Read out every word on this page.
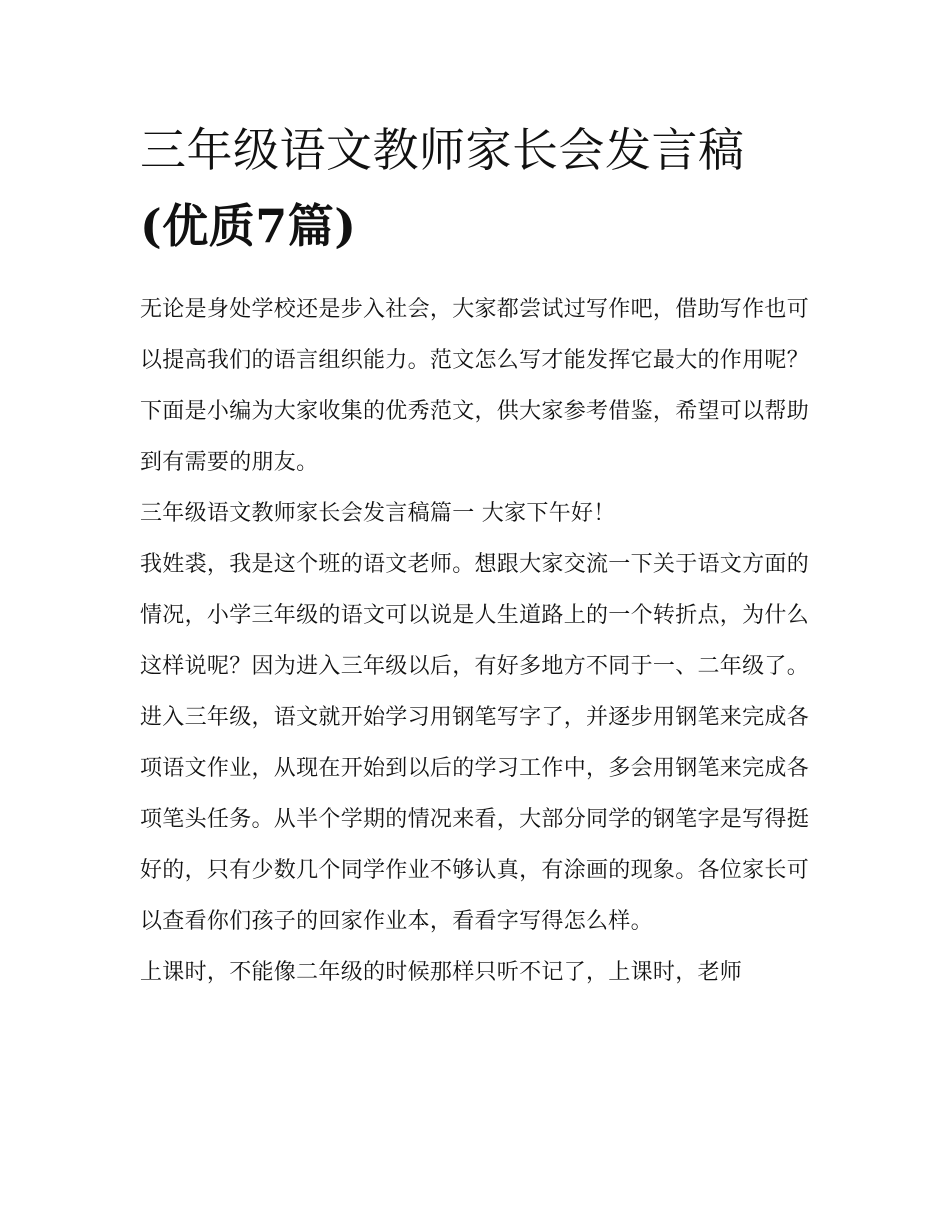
三年级语文教师家长会发言稿
(优质7篇)

无论是身处学校还是步入社会，大家都尝试过写作吧，借助写作也可以提高我们的语言组织能力。范文怎么写才能发挥它最大的作用呢？下面是小编为大家收集的优秀范文，供大家参考借鉴，希望可以帮助到有需要的朋友。

三年级语文教师家长会发言稿篇一 大家下午好！

我姓裘，我是这个班的语文老师。想跟大家交流一下关于语文方面的情况，小学三年级的语文可以说是人生道路上的一个转折点，为什么这样说呢？因为进入三年级以后，有好多地方不同于一、二年级了。

进入三年级，语文就开始学习用钢笔写字了，并逐步用钢笔来完成各项语文作业，从现在开始到以后的学习工作中，多会用钢笔来完成各项笔头任务。从半个学期的情况来看，大部分同学的钢笔字是写得挺好的，只有少数几个同学作业不够认真，有涂画的现象。各位家长可以查看你们孩子的回家作业本，看看字写得怎么样。

上课时，不能像二年级的时候那样只听不记了，上课时，老师
